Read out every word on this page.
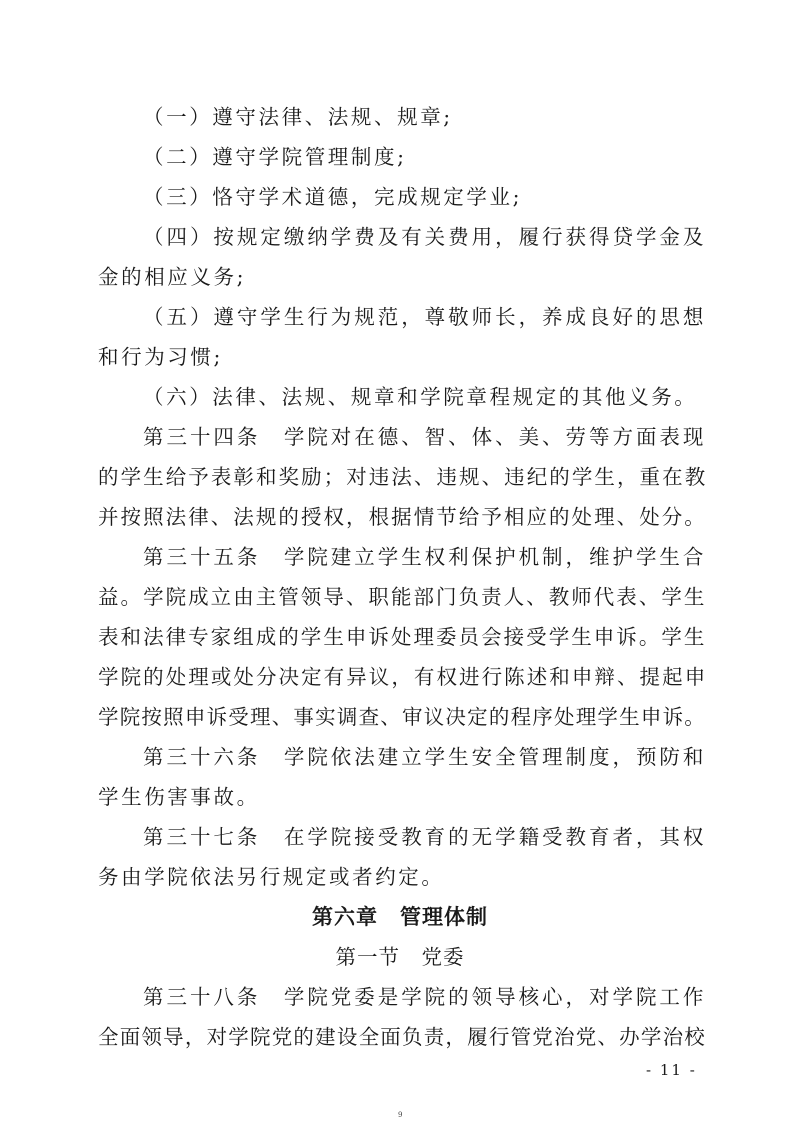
（一）遵守法律、法规、规章;
（二）遵守学院管理制度;
（三）恪守学术道德，完成规定学业;
（四）按规定缴纳学费及有关费用，履行获得贷学金及
金的相应义务;
（五）遵守学生行为规范，尊敬师长，养成良好的思想
和行为习惯;
（六）法律、法规、规章和学院章程规定的其他义务。
第三十四条　学院对在德、智、体、美、劳等方面表现
的学生给予表彰和奖励；对违法、违规、违纪的学生，重在教
并按照法律、法规的授权，根据情节给予相应的处理、处分。
第三十五条　学院建立学生权利保护机制，维护学生合
益。学院成立由主管领导、职能部门负责人、教师代表、学生
表和法律专家组成的学生申诉处理委员会接受学生申诉。学生
学院的处理或处分决定有异议，有权进行陈述和申辩、提起申
学院按照申诉受理、事实调查、审议决定的程序处理学生申诉。
第三十六条　学院依法建立学生安全管理制度，预防和
学生伤害事故。
第三十七条　在学院接受教育的无学籍受教育者，其权
务由学院依法另行规定或者约定。
第六章　管理体制
第一节　党委
第三十八条　学院党委是学院的领导核心，对学院工作
全面领导，对学院党的建设全面负责，履行管党治党、办学治校
- 11 -
9
